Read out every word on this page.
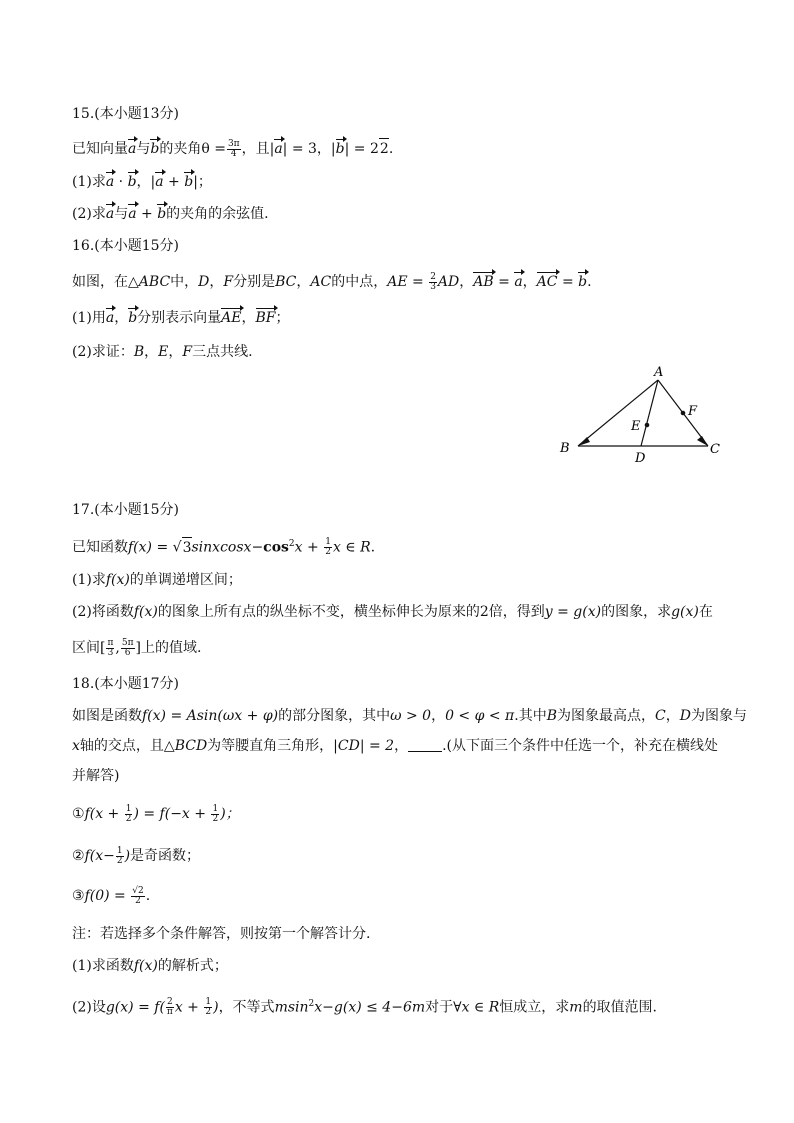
15.(本小题13分)
已知向量a与b的夹角$\theta = \frac{3\pi}{4}$ ，且|a| = 3，|b| = 22.
(1)求a · b，|a + b|；
(2)求a与a + b的夹角的余弦值.
16.(本小题15分)
如图，在△ABC中，D，F分别是BC，AC的中点，AE = $\frac{2}{3}$ AD，AB = a，AC = b.
(1)用a，b分别表示向量AE，BF；
(2)求证：B，E，F三点共线.
A
B	C
D
E
F
17.(本小题15分)
已知函数$f(x) = √3sinxcosx-\cos^2x + \frac{1}{2}$ x ∈ R.
(1)求f(x)的单调递增区间；
(2)将函数f(x)的图象上所有点的纵坐标不变，横坐标伸长为原来的2倍，得到y = g(x)的图象，求g(x)在
区间[ $\frac{\pi}{3}$ , $\frac{5\pi}{6}$ ]上的值域.
18.(本小题17分)
如图是函数f(x) = Asin(ωx + φ)的部分图象，其中ω > 0，0 < φ < π.其中B为图象最高点，C，D为图象与
x轴的交点，且△BCD为等腰直角三角形，|CD| = 2， .(从下面三个条件中任选一个，补充在横线处
并解答)
①f(x + $\frac{1}{2}$ ) = $f(-x + \frac{1}{2}$ )；
②f(x− $\frac{1}{2}$ )是奇函数；
③f(0) = $\frac{√2}{2}$ .
注：若选择多个条件解答，则按第一个解答计分.
(1)求函数f(x)的解析式；
(2)设$g(x) = f( \frac{2}{\pi}$ $x + \frac{1}{2}$ )，不等式msin$^2$x−g(x) ≤ 4−6m对于∀x ∈ R恒成立，求m的取值范围.
